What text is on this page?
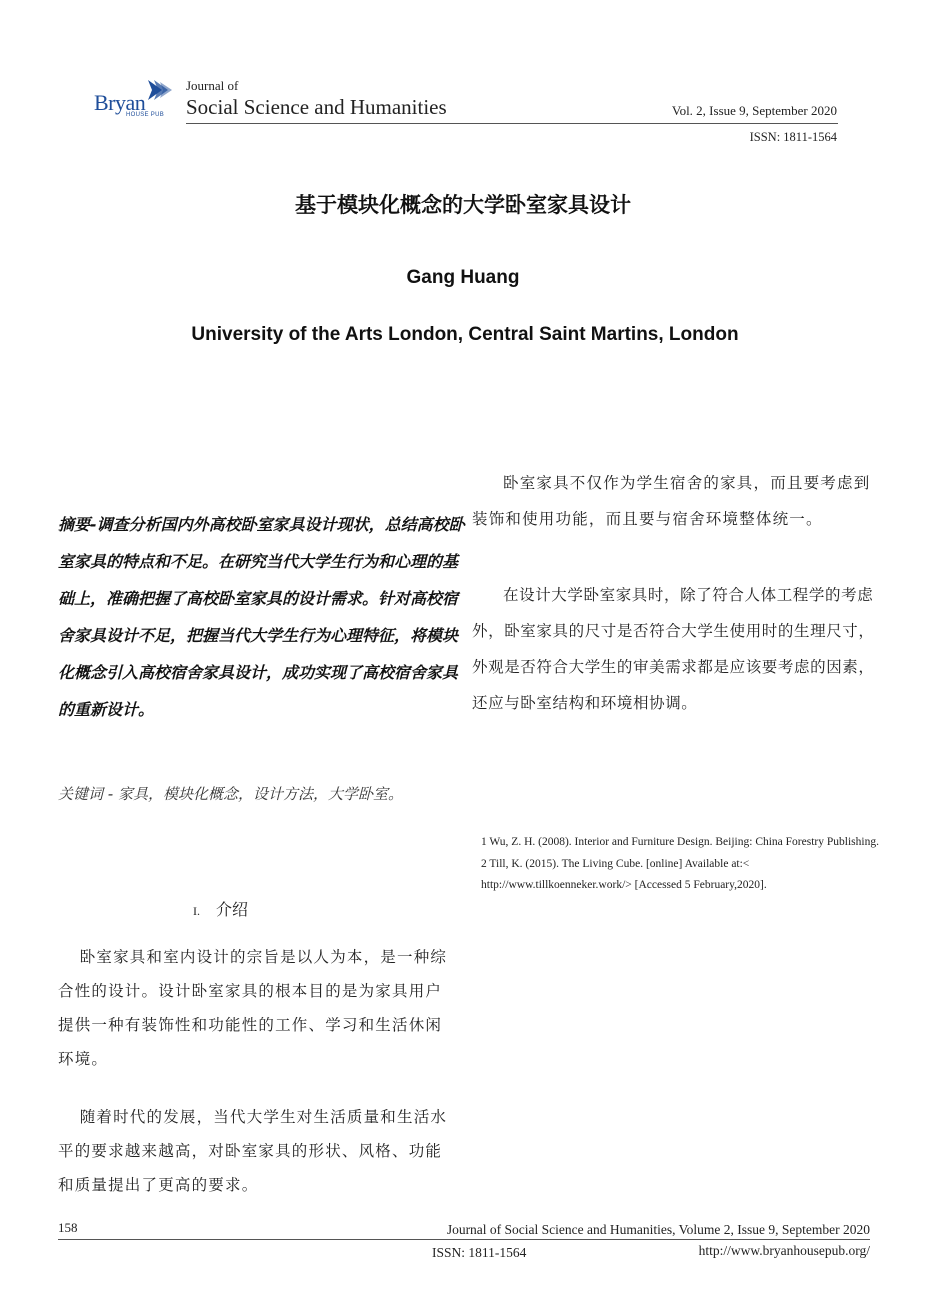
Bryan
HOUSE PUB
Journal of
Social Science and Humanities	Vol. 2, Issue 9, September 2020
ISSN: 1811-1564
基于模块化概念的大学卧室家具设计
Gang Huang
University of the Arts London, Central Saint Martins, London
摘要-调查分析国内外高校卧室家具设计现状，总结高校卧室家具的特点和不足。在研究当代大学生行为和心理的基础上，准确把握了高校卧室家具的设计需求。针对高校宿舍家具设计不足，把握当代大学生行为心理特征，将模块化概念引入高校宿舍家具设计，成功实现了高校宿舍家具的重新设计。
关键词 - 家具，模块化概念，设计方法，大学卧室。
I. 介绍
卧室家具和室内设计的宗旨是以人为本，是一种综合性的设计。设计卧室家具的根本目的是为家具用户提供一种有装饰性和功能性的工作、学习和生活休闲环境。
随着时代的发展，当代大学生对生活质量和生活水平的要求越来越高，对卧室家具的形状、风格、功能和质量提出了更高的要求。
卧室家具不仅作为学生宿舍的家具，而且要考虑到装饰和使用功能，而且要与宿舍环境整体统一。
在设计大学卧室家具时，除了符合人体工程学的考虑外，卧室家具的尺寸是否符合大学生使用时的生理尺寸，外观是否符合大学生的审美需求都是应该要考虑的因素，还应与卧室结构和环境相协调。
1 Wu, Z. H. (2008). Interior and Furniture Design. Beijing: China Forestry Publishing.
2 Till, K. (2015). The Living Cube. [online] Available at:< http://www.tillkoenneker.work/> [Accessed 5 February,2020].
158	Journal of Social Science and Humanities, Volume 2, Issue 9, September 2020
ISSN: 1811-1564	http://www.bryanhousepub.org/
